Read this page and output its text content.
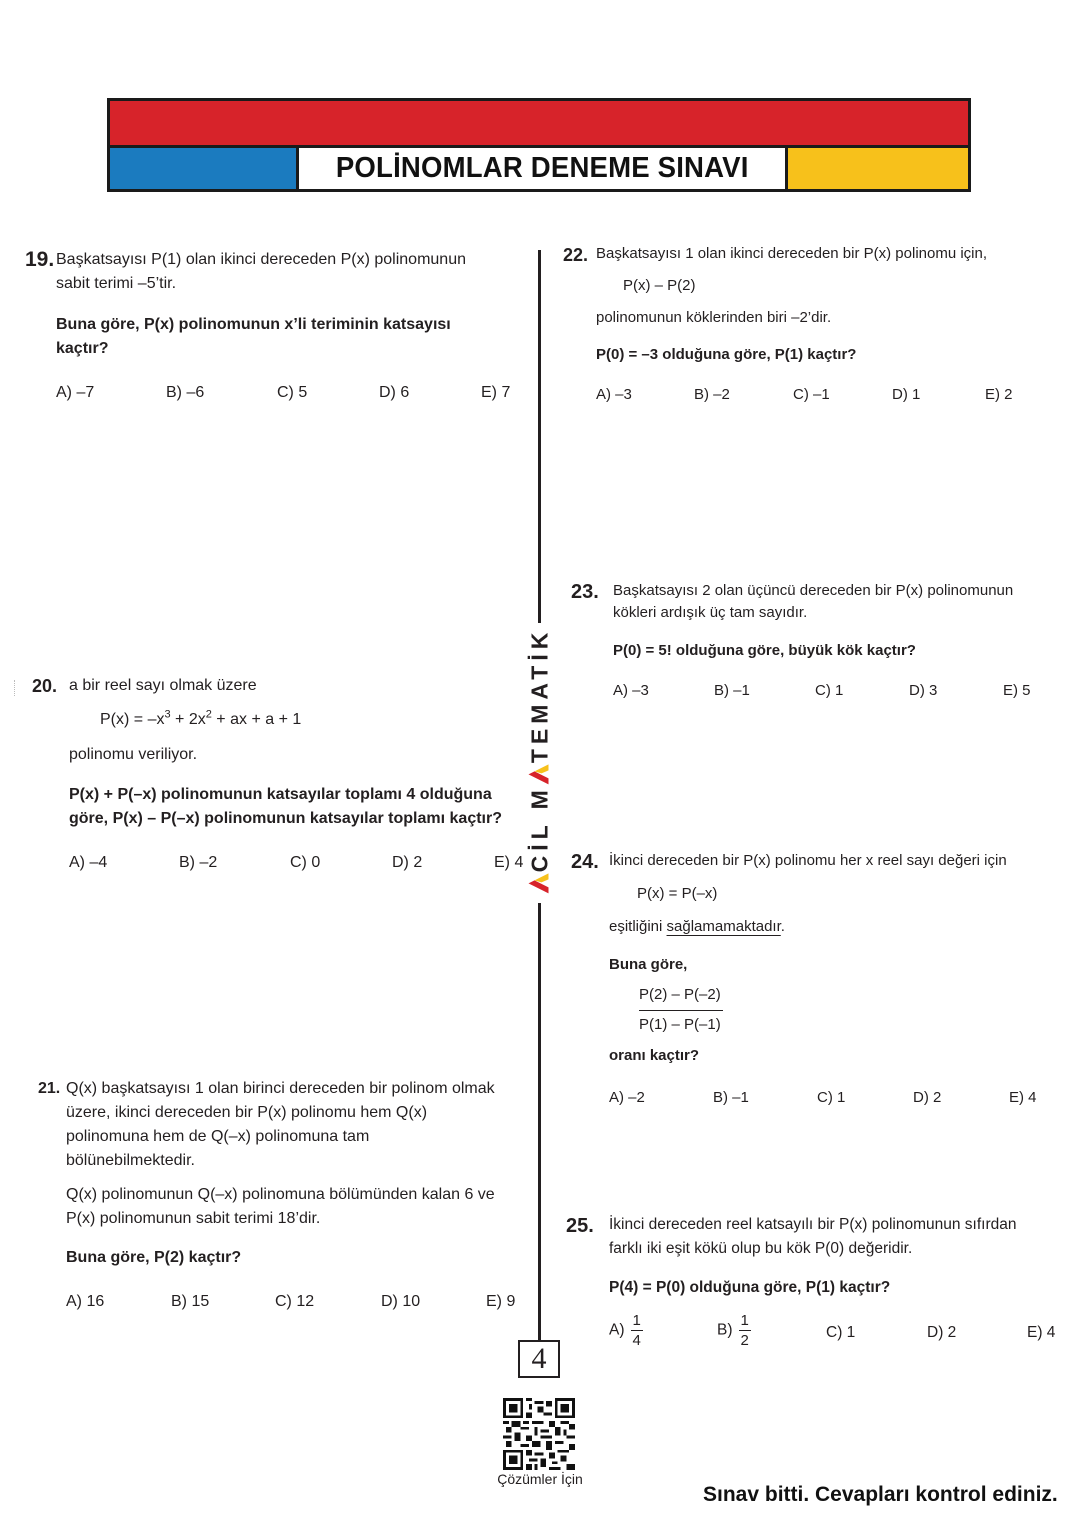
POLİNOMLAR DENEME SINAVI
19. Başkatsayısı P(1) olan ikinci dereceden P(x) polinomunun
sabit terimi –5’tir.
Buna göre, P(x) polinomunun x’li teriminin katsayısı
kaçtır?
A) –7	B) –6	C) 5	D) 6	E) 7
22. Başkatsayısı 1 olan ikinci dereceden bir P(x) polinomu için,
P(x) – P(2)
polinomunun köklerinden biri –2’dir.
P(0) = –3 olduğuna göre, P(1) kaçtır?
A) –3	B) –2	C) –1	D) 1	E) 2
23. Başkatsayısı 2 olan üçüncü dereceden bir P(x) polinomunun
kökleri ardışık üç tam sayıdır.
P(0) = 5! olduğuna göre, büyük kök kaçtır?
A) –3	B) –1	C) 1	D) 3	E) 5
20. a bir reel sayı olmak üzere
$P(x) = -x^3 + 2x^2$ + ax + a + 1
polinomu veriliyor.
P(x) + P(–x) polinomunun katsayılar toplamı 4 olduğuna
göre, P(x) – P(–x) polinomunun katsayılar toplamı kaçtır?
A) –4	B) –2	C) 0	D) 2	E) 4 24. İkinci dereceden bir P(x) polinomu her x reel sayı değeri için
P(x) = P(–x)
eşitliğini sağlamamaktadır.
Buna göre,
$\frac{P(2) - P(-2)}{P(1) - P(-1)}$
oranı kaçtır?
A) –2	B) –1	C) 1	D) 2	E) 4
21. Q(x) başkatsayısı 1 olan birinci dereceden bir polinom olmak
üzere, ikinci dereceden bir P(x) polinomu hem Q(x)
polinomuna hem de Q(–x) polinomuna tam
bölünebilmektedir.
Q(x) polinomunun Q(–x) polinomuna bölümünden kalan 6 ve
P(x) polinomunun sabit terimi 18’dir.
Buna göre, P(2) kaçtır?
A) 16	B) 15	C) 12	D) 10	E) 9
25. İkinci dereceden reel katsayılı bir P(x) polinomunun sıfırdan
farklı iki eşit kökü olup bu kök P(0) değeridir.
P(4) = P(0) olduğuna göre, P(1) kaçtır?
$A) \frac{1}{4}$	$B) \frac{1}{2}$	C) 1	D) 2	E) 4
CİL MTEMATİK
4
Çözümler İçin
Sınav bitti. Cevapları kontrol ediniz.
